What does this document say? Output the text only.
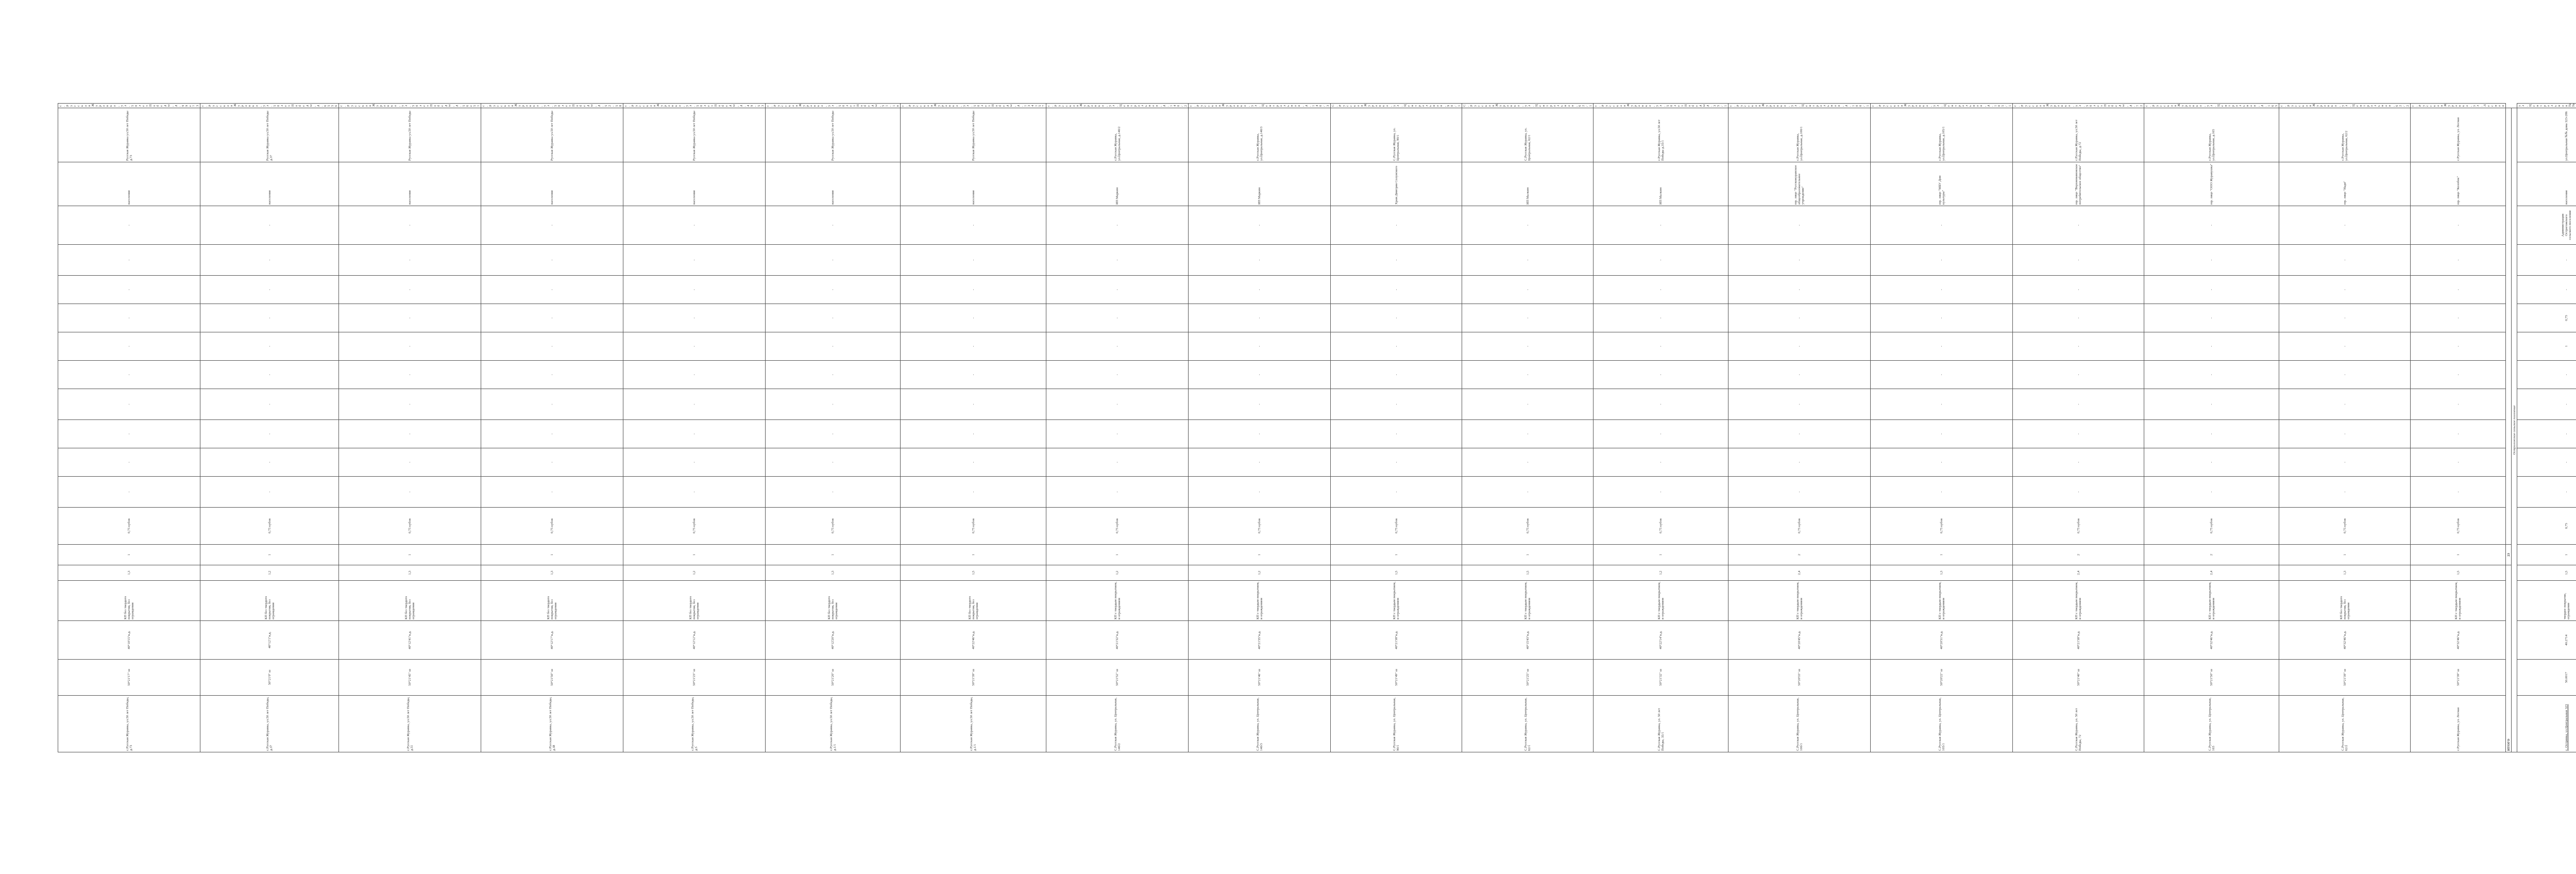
с.Русская Журавка, ул.50 лет Победы, д.73	50°21'17" ш	40°10'15"в.д.	КП без твердого покрытия, без ограждения	1,3	1	0,75 кубов	-	-	-	-	-	-	-	-	-	-	население	Русская Журавка ул.50 лет Победы д.73	с.Русская Журавка, ул.50 лет Победы, д.99е 73
с.Русская Журавка, ул.50 лет Победы, д.37	50°21'0" ш	40°12'1"в.д.	КП без твердого покрытия, без ограждения	1,2	1	0,75 кубов	-	-	-	-	-	-	-	-	-	-	население	Русская Журавка ул.50 лет Победы д.37	с.Русская Журавка, ул.50 лет Победы, д.65 56
с.Русская Журавка, ул.50 лет Победы, д.51	50°21'45" ш	40°12'41"в.д.	КП без твердого покрытия, без ограждения	1,3	1	0,75 кубов	-	-	-	-	-	-	-	-	-	-	население	Русская Журавка ул.50 лет Победы	с.Русская Журавка, ул.50 лет Победы, д.56е 51
с.Русская Журавка, ул.50 лет Победы, д.38	50°21'50" ш	40°12'17"в.д.	КП без твердого покрытия, без ограждения	1,3	1	0,75 кубов	-	-	-	-	-	-	-	-	-	-	население	Русская Журавка ул.50 лет Победы	с.Русская Журавка, ул.50 лет Победы, д.52-58
с.Русская Журавка, ул.50 лет Победы, д.5	50°21'23" ш	40°12'12"в.д.	КП без твердого покрытия, без ограждения	1,2	1	0,75 кубов	-	-	-	-	-	-	-	-	-	-	население	Русская Журавка ул.50 лет Победы	с.Русская Журавка, ул.50 лет Победы, д.49-53
с.Русская Журавка, ул.50 лет Победы, д.1/1	50°21'20" ш	40°12'20"в.д.	КП без твердого покрытия, без ограждения	1,3	1	0,75 кубов	-	-	-	-	-	-	-	-	-	-	население	Русская Журавка ул.50 лет Победы	с.Русская Журавка, ул.50 лет Победы, 51-1в
с.Русская Журавка, ул.50 лет Победы, д.1/1	50°21'39" ш	40°22'46"в.д.	КП без твердого покрытия, без ограждения	1,5	1	0,75 кубов	-	-	-	-	-	-	-	-	-	-	население	Русская Журавка ул.50 лет Победы	с.Русская Журавка, ул.50 лет Победы, д.134 157
С.Русская Журавка, ул. Центральная, 140/2	50°21'52" ш	40°21'32"в.д.	КП с твердым покрытием, и ограждением	1,2	1	0,75 кубов	-	-	-	-	-	-	-	-	-	-	ИП Маркин	с.Русская Журавка, ул.Центральная, д.140/2	с.Русская Журавка, ул.Центральная, д.140/2
С.Русская Журавка, ул. Центральная, 140/3	50°21'46" ш	40°21'35"в.д.	КП с твердым покрытием, и ограждением	1,2	1	0,75 кубов	-	-	-	-	-	-	-	-	-	-	ИП Маркин	с.Русская Журавка, ул.Центральная, д.140/3	с.Русская Журавка, ул.Центральная, д.140/3
С.Русская Журавка, ул. Центральная, 90/1	50°21'49" ш	40°21'38"в.д.	КП с твердым покрытием, и ограждением	1,5	1	0,75 кубов	-	-	-	-	-	-	-	-	-	-	Храм Дмитрия Солунского	С.Русская Журавка, ул. Центральная, 90/1	С.Русская Журавка, ул. Центральная, 90/1
С.Русская Журавка, ул. Центральная, 62/1	50°21'25" ш	40°15'43"в.д.	КП с твердым покрытием, и ограждением	1,5	1	0,75 кубов	-	-	-	-	-	-	-	-	-	-	ИП Малкин	С.Русская Журавка, ул. Центральная, 62/1	С.Русская Журавка, ул. Центральная, 62/1
С.Русская Журавка, ул. 50 лет Победы, 35/1	50°21'32" ш	40°22'14"в.д.	КП с твердым покрытием, и ограждением	1,2	1	0,75 кубов	-	-	-	-	-	-	-	-	-	-	ИП Малкин	с.Русская Журавка, ул.50 лет Победы д.35/1	с.Русская Журавка, ул.50 лет Победы д.35/1
С.Русская Журавка, ул. Центральная, 100/1	50°20'33" ш	40°20'45"в.д.	КП с твердым покрытием, и ограждением	2,4	2	0,75 кубов	-	-	-	-	-	-	-	-	-	-	юр. лицо "Русскожуравское общеобразовательное учреждение"	с.Русская Журавка, ул.Центральная, д.100/1	с.Русская Журавка, ул.Центральная, д.100/1
С.Русская Журавка, ул. Центральная, 105/1	50°20'22" ш	40°20'31"в.д.	КП с твердым покрытием, и ограждением	1,3	1	0,75 кубов	-	-	-	-	-	-	-	-	-	-	юр. лицо "МБУ Дом культуры"	с.Русская Журавка, ул.Центральная, д.105/1	с.Русская Журавка, ул.Центральная, д.105/1
С.Русская Журавка, ул. 50 лет Победы, 72	50°21'40" ш	40°21'38"в.д.	КП с твердым покрытием, и ограждением	2,4	2	0,75 кубов	-	-	-	-	-	-	-	-	-	-	юр. лицо "Верхнемамонское потребительское общество"	с.Русская Журавка, ул.50 лет Победы, д.72	с.Русская Журавка, ул.50 лет Победы, д.72
С.Русская Журавка, ул. Центральная, 165	50°21'50" ш	40°32'46"в.д.	КП с твердым покрытием, и ограждением	2,4	2	0,75 кубов	-	-	-	-	-	-	-	-	-	-	юр. лицо "ООО Журавушка"	с.Русская Журавка, ул.Центральная, д.165	с.Русская Журавка, ул.Центральная, д.165
С.Русская Журавка, ул. Центральная, 62/2	50°21'39" ш	40°32'46"в.д.	КП без твердого покрытия, без ограждения	1,3	1	0,75 кубов	-	-	-	-	-	-	-	-	-	-	юр. лицо "Надя"	с.Русская Журавка, ул.Центральная, 62/2	с.Русская Журавка, ул.Центральная, 62/2
с.Русская Журавка, ул. Лесная	50°21'39" ш	40°32'46"в.д.	КП с твердым покрытием, и ограждением	1,5	1	0,75 кубов	-	-	-	-	-	-	-	-	-	-	юр. лицо "Колобок"	с.Русская Журавка, ул. Лесная	с.Русская Журавка, ул. Лесная
ИТОГО					23														
Острогожское сельское поселение																			
с. Острянка, ул.Центральная 323	50.0017	40.2714	твердое покрытие, ограждение	1,5	1	0,75	-	-	-	-	-	1	0,75	-	-	Администрация Острогожского сельского поселения	население	ул.Центральная №№ дома 323-286	ул.Центральная №№
